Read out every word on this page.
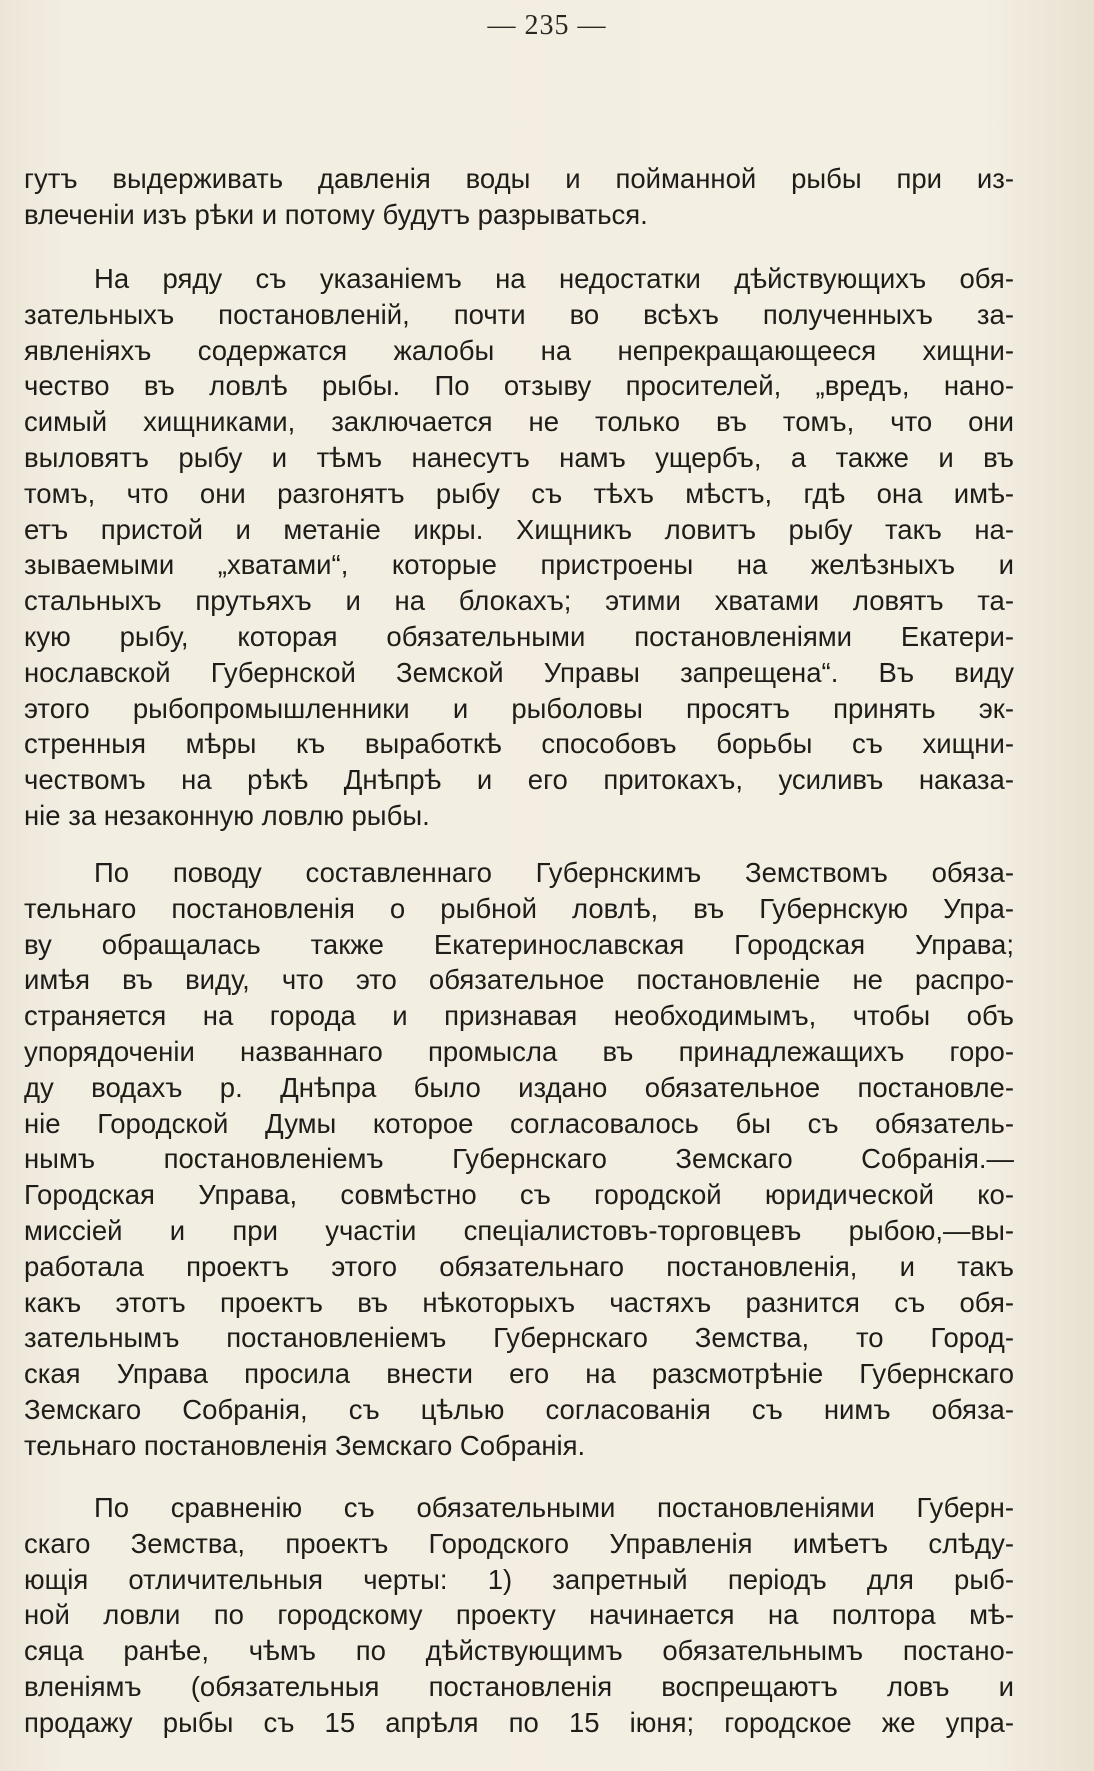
— 235 —
гутъ выдерживать давленія воды и пойманной рыбы при из-
влеченіи изъ рѣки и потому будутъ разрываться.
На ряду съ указаніемъ на недостатки дѣйствующихъ обя-
зательныхъ постановленій, почти во всѣхъ полученныхъ за-
явленіяхъ содержатся жалобы на непрекращающееся хищни-
чество въ ловлѣ рыбы. По отзыву просителей, „вредъ, нано-
симый хищниками, заключается не только въ томъ, что они
выловятъ рыбу и тѣмъ нанесутъ намъ ущербъ, а также и въ
томъ, что они разгонятъ рыбу съ тѣхъ мѣстъ, гдѣ она имѣ-
етъ пристой и метаніе икры. Хищникъ ловитъ рыбу такъ на-
зываемыми „хватами“, которые пристроены на желѣзныхъ и
стальныхъ прутьяхъ и на блокахъ; этими хватами ловятъ та-
кую рыбу, которая обязательными постановленіями Екатери-
нославской Губернской Земской Управы запрещена“. Въ виду
этого рыбопромышленники и рыболовы просятъ принять эк-
стренныя мѣры къ выработкѣ способовъ борьбы съ хищни-
чествомъ на рѣкѣ Днѣпрѣ и его притокахъ, усиливъ наказа-
ніе за незаконную ловлю рыбы.
По поводу составленнаго Губернскимъ Земствомъ обяза-
тельнаго постановленія о рыбной ловлѣ, въ Губернскую Упра-
ву обращалась также Екатеринославская Городская Управа;
имѣя въ виду, что это обязательное постановленіе не распро-
страняется на города и признавая необходимымъ, чтобы объ
упорядоченіи названнаго промысла въ принадлежащихъ горо-
ду водахъ р. Днѣпра было издано обязательное постановле-
ніе Городской Думы которое согласовалось бы съ обязатель-
нымъ постановленіемъ Губернскаго Земскаго Собранія.—
Городская Управа, совмѣстно съ городской юридической ко-
миссіей и при участіи спеціалистовъ-торговцевъ рыбою,—вы-
работала проектъ этого обязательнаго постановленія, и такъ
какъ этотъ проектъ въ нѣкоторыхъ частяхъ разнится съ обя-
зательнымъ постановленіемъ Губернскаго Земства, то Город-
ская Управа просила внести его на разсмотрѣніе Губернскаго
Земскаго Собранія, съ цѣлью согласованія съ нимъ обяза-
тельнаго постановленія Земскаго Собранія.
По сравненію съ обязательными постановленіями Губерн-
скаго Земства, проектъ Городского Управленія имѣетъ слѣду-
ющія отличительныя черты: 1) запретный періодъ для рыб-
ной ловли по городскому проекту начинается на полтора мѣ-
сяца ранѣе, чѣмъ по дѣйствующимъ обязательнымъ постано-
вленіямъ (обязательныя постановленія воспрещаютъ ловъ и
продажу рыбы съ 15 апрѣля по 15 іюня; городское же упра-
